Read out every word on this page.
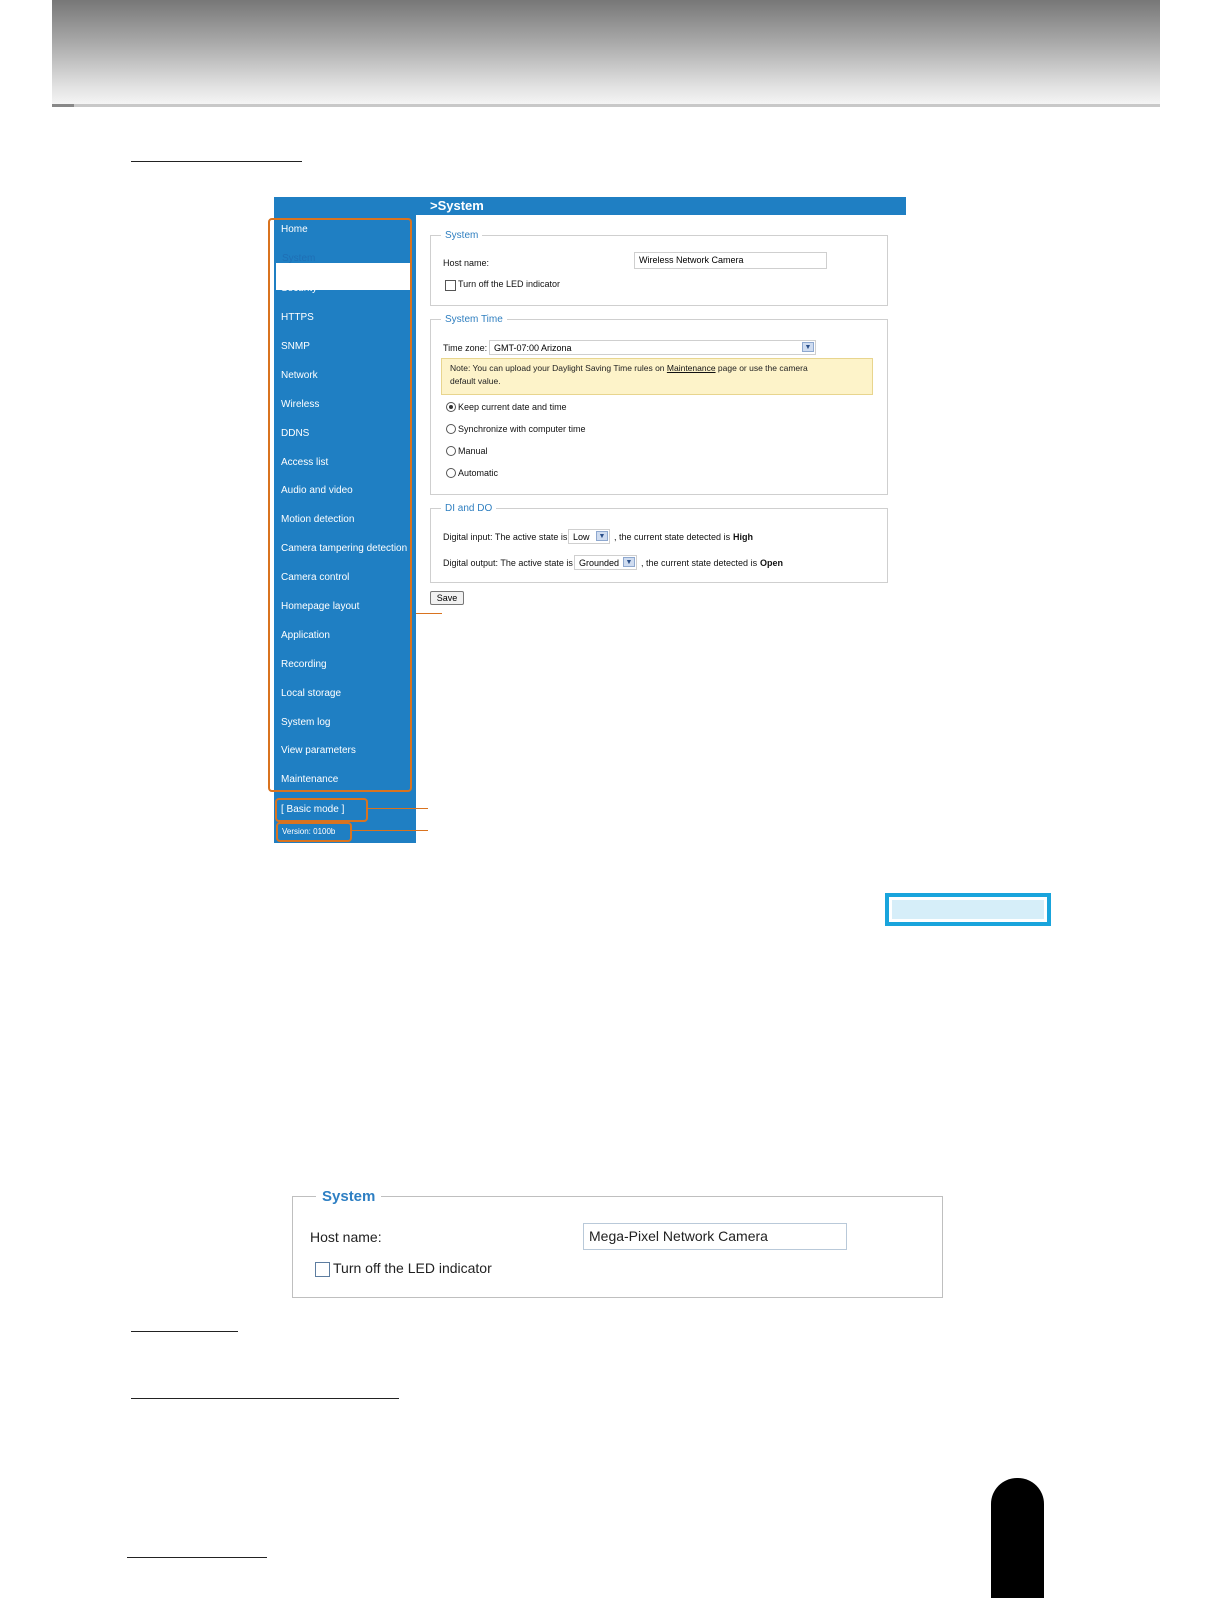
>System
[ Basic mode ]
Version: 0100b
System
Host name:	Wireless Network Camera
Turn off the LED indicator
System Time
Time zone: GMT-07:00 Arizona	▼
Note: You can upload your Daylight Saving Time rules on Maintenance page or use the camera
default value.
DI and DO
Digital input: The active state is Low	▼ , the current state detected is High
Digital output: The active state is Grounded ▼ , the current state detected is Open
Save
Home
System
Security
HTTPS
SNMP
Network
Wireless
DDNS
Access list
Audio and video
Motion detection
Camera tampering detection
Camera control
Homepage layout
Application
Recording
Local storage
System log
View parameters
Maintenance
Keep current date and time
Synchronize with computer time
Manual
Automatic
System
Host name:	Mega-Pixel Network Camera
Turn off the LED indicator
